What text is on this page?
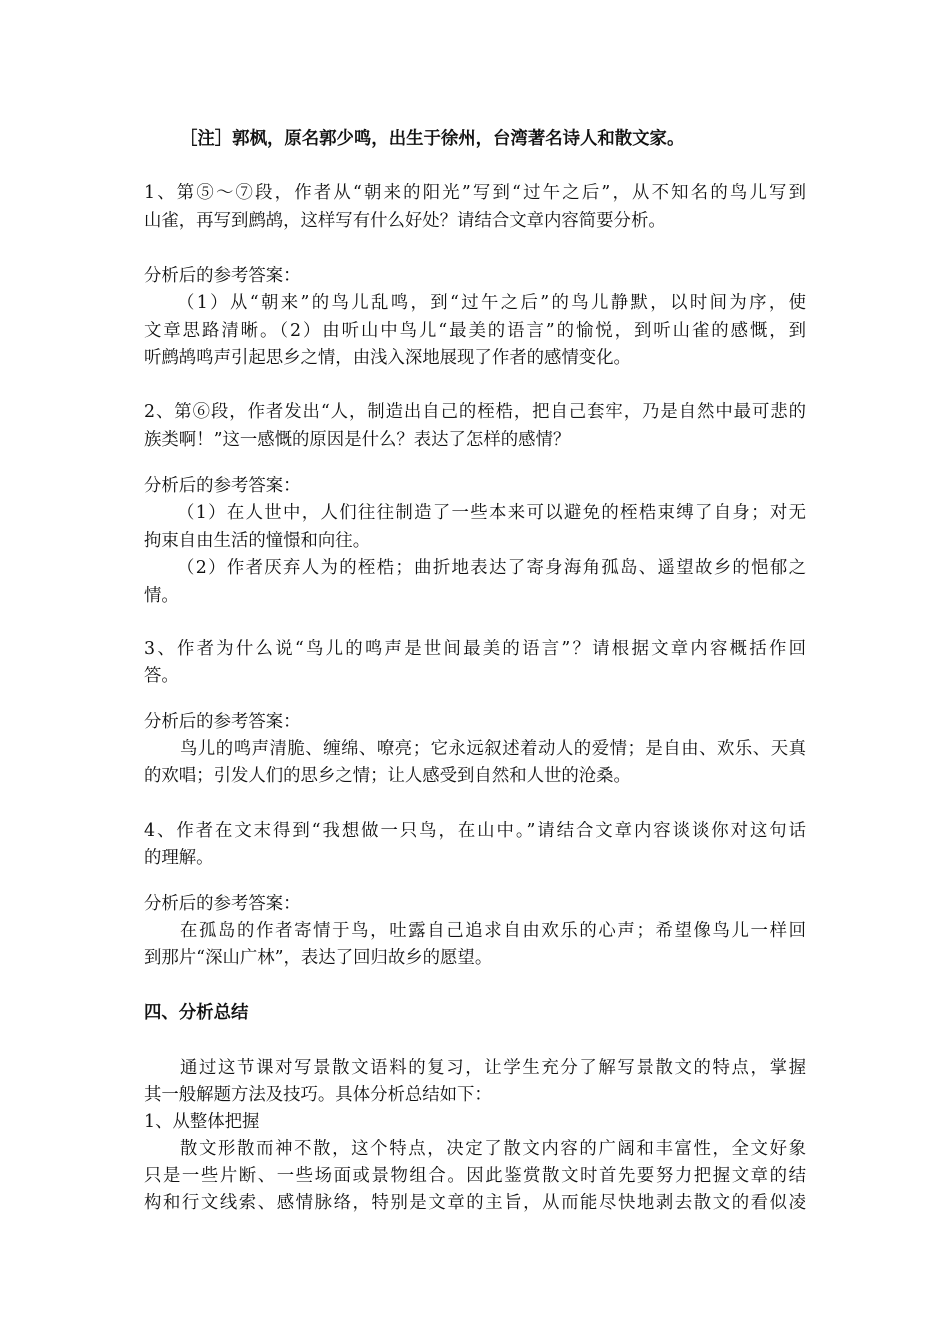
［注］郭枫，原名郭少鸣，出生于徐州，台湾著名诗人和散文家。
1、第⑤～⑦段，作者从“朝来的阳光”写到“过午之后”，从不知名的鸟儿写到
山雀，再写到鹧鸪，这样写有什么好处？请结合文章内容简要分析。
分析后的参考答案：
（1）从“朝来”的鸟儿乱鸣，到“过午之后”的鸟儿静默，以时间为序，使
文章思路清晰。（2）由听山中鸟儿“最美的语言”的愉悦，到听山雀的感慨，到
听鹧鸪鸣声引起思乡之情，由浅入深地展现了作者的感情变化。
2、第⑥段，作者发出“人，制造出自己的桎梏，把自己套牢，乃是自然中最可悲的
族类啊！”这一感慨的原因是什么？表达了怎样的感情？
分析后的参考答案：
（1）在人世中，人们往往制造了一些本来可以避免的桎梏束缚了自身；对无
拘束自由生活的憧憬和向往。
（2）作者厌弃人为的桎梏；曲折地表达了寄身海角孤岛、遥望故乡的悒郁之
情。
3、作者为什么说“鸟儿的鸣声是世间最美的语言”？请根据文章内容概括作回
答。
分析后的参考答案：
鸟儿的鸣声清脆、缠绵、嘹亮；它永远叙述着动人的爱情；是自由、欢乐、天真
的欢唱；引发人们的思乡之情；让人感受到自然和人世的沧桑。
4、作者在文末得到“我想做一只鸟，在山中。”请结合文章内容谈谈你对这句话
的理解。
分析后的参考答案：
在孤岛的作者寄情于鸟，吐露自己追求自由欢乐的心声；希望像鸟儿一样回
到那片“深山广林”，表达了回归故乡的愿望。
四、分析总结
通过这节课对写景散文语料的复习，让学生充分了解写景散文的特点，掌握
其一般解题方法及技巧。具体分析总结如下：
1、从整体把握
散文形散而神不散，这个特点，决定了散文内容的广阔和丰富性，全文好象
只是一些片断、一些场面或景物组合。因此鉴赏散文时首先要努力把握文章的结
构和行文线索、感情脉络，特别是文章的主旨，从而能尽快地剥去散文的看似凌
